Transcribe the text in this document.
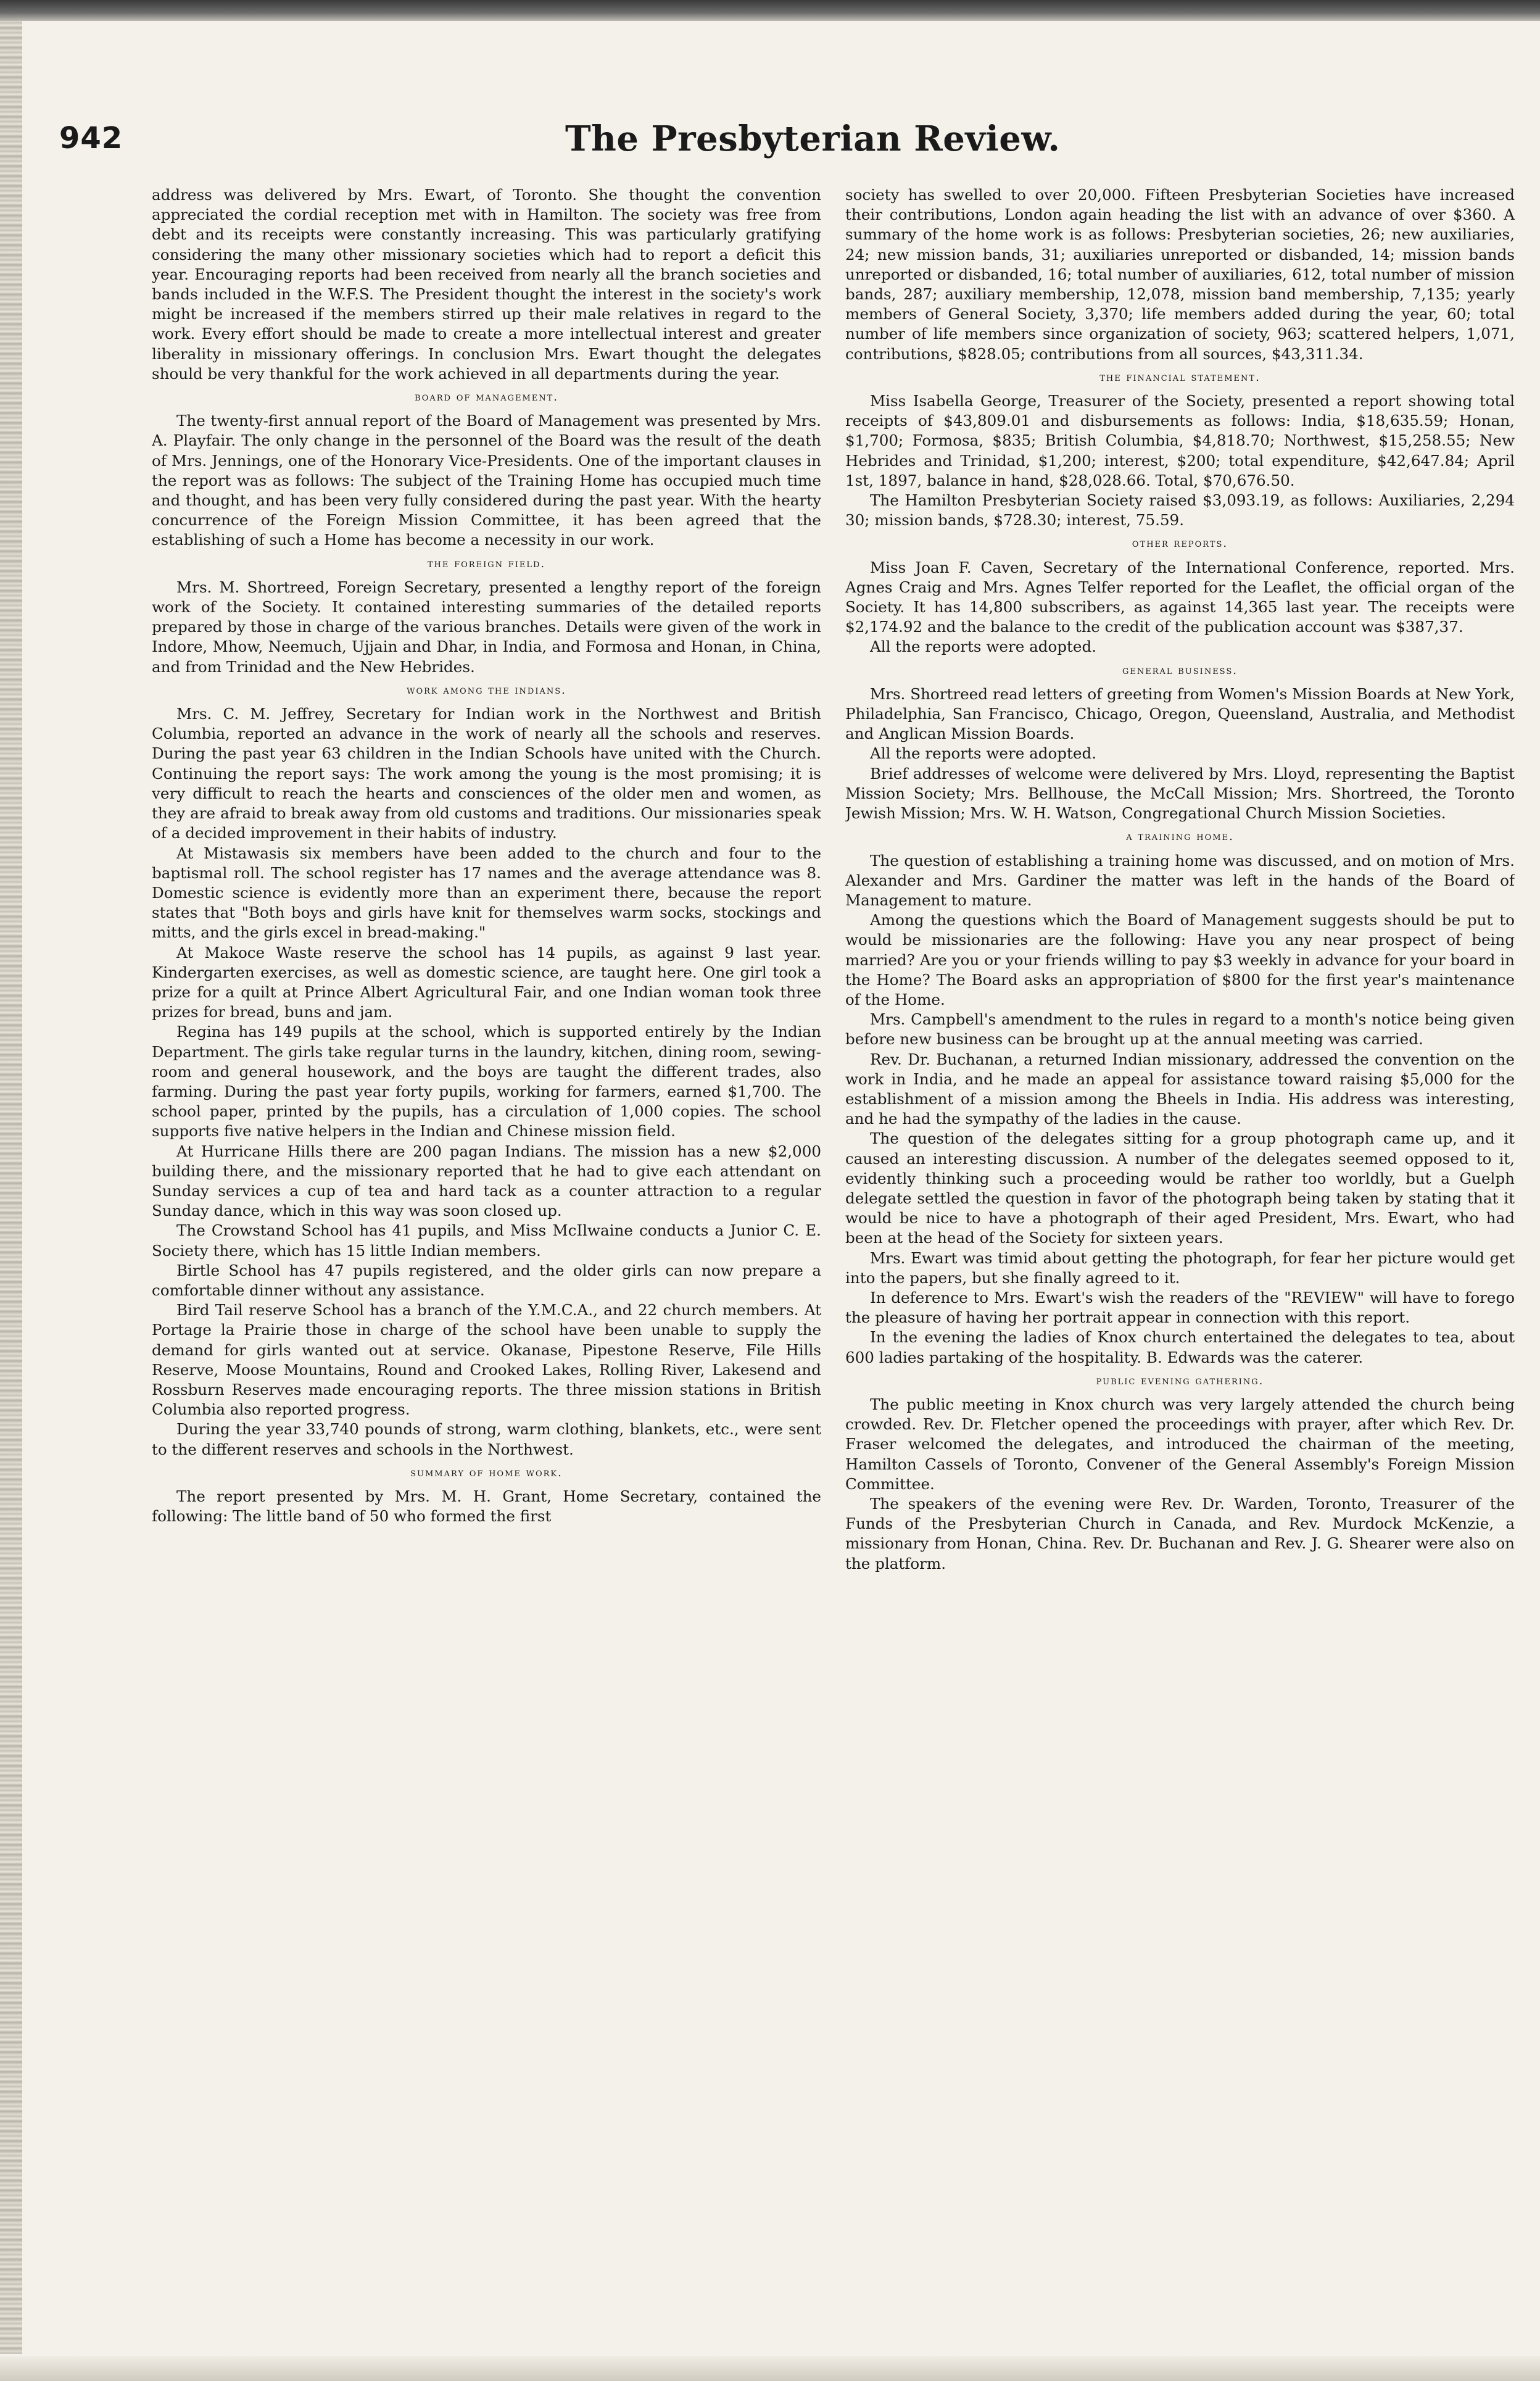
942	The Presbyterian Review.

address was delivered by Mrs. Ewart, of Toronto. She thought the convention appreciated the cordial reception met with in Hamilton. The society was free from debt and its receipts were constantly increasing. This was particularly gratifying considering the many other missionary societies which had to report a deficit this year. Encouraging reports had been received from nearly all the branch societies and bands included in the W.F.S. The President thought the interest in the society's work might be increased if the members stirred up their male relatives in regard to the work. Every effort should be made to create a more intellectual interest and greater liberality in missionary offerings. In conclusion Mrs. Ewart thought the delegates should be very thankful for the work achieved in all departments during the year.

board of management.

The twenty-first annual report of the Board of Management was presented by Mrs. A. Playfair. The only change in the personnel of the Board was the result of the death of Mrs. Jennings, one of the Honorary Vice-Presidents. One of the important clauses in the report was as follows: The subject of the Training Home has occupied much time and thought, and has been very fully considered during the past year. With the hearty concurrence of the Foreign Mission Committee, it has been agreed that the establishing of such a Home has become a necessity in our work.

the foreign field.

Mrs. M. Shortreed, Foreign Secretary, presented a lengthy report of the foreign work of the Society. It contained interesting summaries of the detailed reports prepared by those in charge of the various branches. Details were given of the work in Indore, Mhow, Neemuch, Ujjain and Dhar, in India, and Formosa and Honan, in China, and from Trinidad and the New Hebrides.

work among the indians.

Mrs. C. M. Jeffrey, Secretary for Indian work in the Northwest and British Columbia, reported an advance in the work of nearly all the schools and reserves. During the past year 63 children in the Indian Schools have united with the Church. Continuing the report says: The work among the young is the most promising; it is very difficult to reach the hearts and consciences of the older men and women, as they are afraid to break away from old customs and traditions. Our missionaries speak of a decided improvement in their habits of industry.

At Mistawasis six members have been added to the church and four to the baptismal roll. The school register has 17 names and the average attendance was 8. Domestic science is evidently more than an experiment there, because the report states that "Both boys and girls have knit for themselves warm socks, stockings and mitts, and the girls excel in bread-making."

At Makoce Waste reserve the school has 14 pupils, as against 9 last year. Kindergarten exercises, as well as domestic science, are taught here. One girl took a prize for a quilt at Prince Albert Agricultural Fair, and one Indian woman took three prizes for bread, buns and jam.

Regina has 149 pupils at the school, which is supported entirely by the Indian Department. The girls take regular turns in the laundry, kitchen, dining room, sewing-room and general housework, and the boys are taught the different trades, also farming. During the past year forty pupils, working for farmers, earned $1,700. The school paper, printed by the pupils, has a circulation of 1,000 copies. The school supports five native helpers in the Indian and Chinese mission field.

At Hurricane Hills there are 200 pagan Indians. The mission has a new $2,000 building there, and the missionary reported that he had to give each attendant on Sunday services a cup of tea and hard tack as a counter attraction to a regular Sunday dance, which in this way was soon closed up.

The Crowstand School has 41 pupils, and Miss McIlwaine conducts a Junior C. E. Society there, which has 15 little Indian members.

Birtle School has 47 pupils registered, and the older girls can now prepare a comfortable dinner without any assistance.

Bird Tail reserve School has a branch of the Y.M.C.A., and 22 church members. At Portage la Prairie those in charge of the school have been unable to supply the demand for girls wanted out at service. Okanase, Pipestone Reserve, File Hills Reserve, Moose Mountains, Round and Crooked Lakes, Rolling River, Lakesend and Rossburn Reserves made encouraging reports. The three mission stations in British Columbia also reported progress.

During the year 33,740 pounds of strong, warm clothing, blankets, etc., were sent to the different reserves and schools in the Northwest.

summary of home work.

The report presented by Mrs. M. H. Grant, Home Secretary, contained the following: The little band of 50 who formed the first

society has swelled to over 20,000. Fifteen Presbyterian Societies have increased their contributions, London again heading the list with an advance of over $360. A summary of the home work is as follows: Presbyterian societies, 26; new auxiliaries, 24; new mission bands, 31; auxiliaries unreported or disbanded, 14; mission bands unreported or disbanded, 16; total number of auxiliaries, 612, total number of mission bands, 287; auxiliary membership, 12,078, mission band membership, 7,135; yearly members of General Society, 3,370; life members added during the year, 60; total number of life members since organization of society, 963; scattered helpers, 1,071, contributions, $828.05; contributions from all sources, $43,311.34.

the financial statement.

Miss Isabella George, Treasurer of the Society, presented a report showing total receipts of $43,809.01 and disbursements as follows: India, $18,635.59; Honan, $1,700; Formosa, $835; British Columbia, $4,818.70; Northwest, $15,258.55; New Hebrides and Trinidad, $1,200; interest, $200; total expenditure, $42,647.84; April 1st, 1897, balance in hand, $28,028.66. Total, $70,676.50.

The Hamilton Presbyterian Society raised $3,093.19, as follows: Auxiliaries, 2,294 30; mission bands, $728.30; interest, 75.59.

other reports.

Miss Joan F. Caven, Secretary of the International Conference, reported. Mrs. Agnes Craig and Mrs. Agnes Telfer reported for the Leaflet, the official organ of the Society. It has 14,800 subscribers, as against 14,365 last year. The receipts were $2,174.92 and the balance to the credit of the publication account was $387,37.

All the reports were adopted.

general business.

Mrs. Shortreed read letters of greeting from Women's Mission Boards at New York, Philadelphia, San Francisco, Chicago, Oregon, Queensland, Australia, and Methodist and Anglican Mission Boards.

All the reports were adopted.

Brief addresses of welcome were delivered by Mrs. Lloyd, representing the Baptist Mission Society; Mrs. Bellhouse, the McCall Mission; Mrs. Shortreed, the Toronto Jewish Mission; Mrs. W. H. Watson, Congregational Church Mission Societies.

a training home.

The question of establishing a training home was discussed, and on motion of Mrs. Alexander and Mrs. Gardiner the matter was left in the hands of the Board of Management to mature.

Among the questions which the Board of Management suggests should be put to would be missionaries are the following: Have you any near prospect of being married? Are you or your friends willing to pay $3 weekly in advance for your board in the Home? The Board asks an appropriation of $800 for the first year's maintenance of the Home.

Mrs. Campbell's amendment to the rules in regard to a month's notice being given before new business can be brought up at the annual meeting was carried.

Rev. Dr. Buchanan, a returned Indian missionary, addressed the convention on the work in India, and he made an appeal for assistance toward raising $5,000 for the establishment of a mission among the Bheels in India. His address was interesting, and he had the sympathy of the ladies in the cause.

The question of the delegates sitting for a group photograph came up, and it caused an interesting discussion. A number of the delegates seemed opposed to it, evidently thinking such a proceeding would be rather too worldly, but a Guelph delegate settled the question in favor of the photograph being taken by stating that it would be nice to have a photograph of their aged President, Mrs. Ewart, who had been at the head of the Society for sixteen years.

Mrs. Ewart was timid about getting the photograph, for fear her picture would get into the papers, but she finally agreed to it.

In deference to Mrs. Ewart's wish the readers of the "REVIEW" will have to forego the pleasure of having her portrait appear in connection with this report.

In the evening the ladies of Knox church entertained the delegates to tea, about 600 ladies partaking of the hospitality. B. Edwards was the caterer.

public evening gathering.

The public meeting in Knox church was very largely attended the church being crowded. Rev. Dr. Fletcher opened the proceedings with prayer, after which Rev. Dr. Fraser welcomed the delegates, and introduced the chairman of the meeting, Hamilton Cassels of Toronto, Convener of the General Assembly's Foreign Mission Committee.

The speakers of the evening were Rev. Dr. Warden, Toronto, Treasurer of the Funds of the Presbyterian Church in Canada, and Rev. Murdock McKenzie, a missionary from Honan, China. Rev. Dr. Buchanan and Rev. J. G. Shearer were also on the platform.
